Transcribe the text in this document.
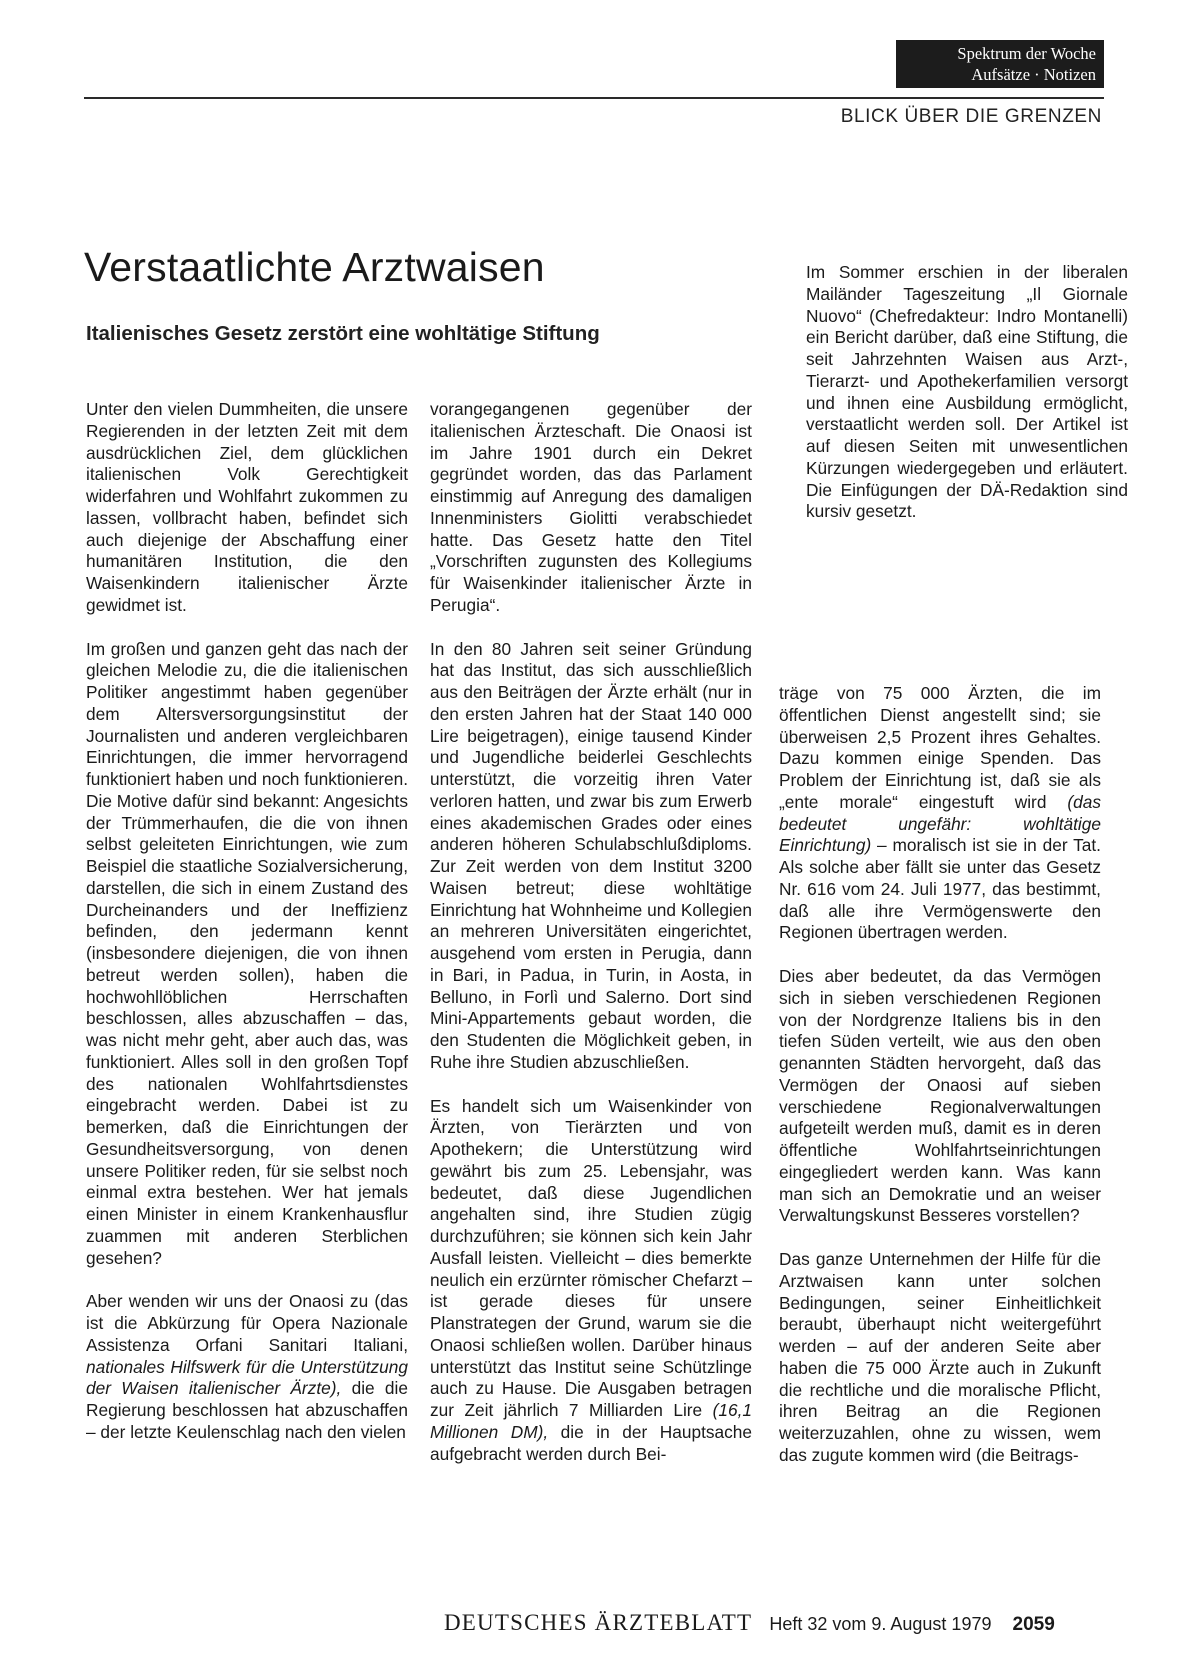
Spektrum der Woche
Aufsätze · Notizen
BLICK ÜBER DIE GRENZEN
Verstaatlichte Arztwaisen
Italienisches Gesetz zerstört eine wohltätige Stiftung

Unter den vielen Dummheiten, die unsere Regierenden in der letzten Zeit mit dem ausdrücklichen Ziel, dem glücklichen italienischen Volk Gerechtigkeit widerfahren und Wohlfahrt zukommen zu lassen, vollbracht haben, befindet sich auch diejenige der Abschaffung einer humanitären Institution, die den Waisenkindern italienischer Ärzte gewidmet ist.

Im großen und ganzen geht das nach der gleichen Melodie zu, die die italienischen Politiker angestimmt haben gegenüber dem Altersversorgungsinstitut der Journalisten und anderen vergleichbaren Einrichtungen, die immer hervorragend funktioniert haben und noch funktionieren. Die Motive dafür sind bekannt: Angesichts der Trümmerhaufen, die die von ihnen selbst geleiteten Einrichtungen, wie zum Beispiel die staatliche Sozialversicherung, darstellen, die sich in einem Zustand des Durcheinanders und der Ineffizienz befinden, den jedermann kennt (insbesondere diejenigen, die von ihnen betreut werden sollen), haben die hochwohllöblichen Herrschaften beschlossen, alles abzuschaffen – das, was nicht mehr geht, aber auch das, was funktioniert. Alles soll in den großen Topf des nationalen Wohlfahrtsdienstes eingebracht werden. Dabei ist zu bemerken, daß die Einrichtungen der Gesundheitsversorgung, von denen unsere Politiker reden, für sie selbst noch einmal extra bestehen. Wer hat jemals einen Minister in einem Krankenhausflur zuammen mit anderen Sterblichen gesehen?

Aber wenden wir uns der Onaosi zu (das ist die Abkürzung für Opera Nazionale Assistenza Orfani Sanitari Italiani, nationales Hilfswerk für die Unterstützung der Waisen italienischer Ärzte), die die Regierung beschlossen hat abzuschaffen – der letzte Keulenschlag nach den vielen

vorangegangenen gegenüber der italienischen Ärzteschaft. Die Onaosi ist im Jahre 1901 durch ein Dekret gegründet worden, das das Parlament einstimmig auf Anregung des damaligen Innenministers Giolitti verabschiedet hatte. Das Gesetz hatte den Titel „Vorschriften zugunsten des Kollegiums für Waisenkinder italienischer Ärzte in Perugia“.

In den 80 Jahren seit seiner Gründung hat das Institut, das sich ausschließlich aus den Beiträgen der Ärzte erhält (nur in den ersten Jahren hat der Staat 140 000 Lire beigetragen), einige tausend Kinder und Jugendliche beiderlei Geschlechts unterstützt, die vorzeitig ihren Vater verloren hatten, und zwar bis zum Erwerb eines akademischen Grades oder eines anderen höheren Schulabschlußdiploms. Zur Zeit werden von dem Institut 3200 Waisen betreut; diese wohltätige Einrichtung hat Wohnheime und Kollegien an mehreren Universitäten eingerichtet, ausgehend vom ersten in Perugia, dann in Bari, in Padua, in Turin, in Aosta, in Belluno, in Forlì und Salerno. Dort sind Mini-Appartements gebaut worden, die den Studenten die Möglichkeit geben, in Ruhe ihre Studien abzuschließen.

Es handelt sich um Waisenkinder von Ärzten, von Tierärzten und von Apothekern; die Unterstützung wird gewährt bis zum 25. Lebensjahr, was bedeutet, daß diese Jugendlichen angehalten sind, ihre Studien zügig durchzuführen; sie können sich kein Jahr Ausfall leisten. Vielleicht – dies bemerkte neulich ein erzürnter römischer Chefarzt – ist gerade dieses für unsere Planstrategen der Grund, warum sie die Onaosi schließen wollen. Darüber hinaus unterstützt das Institut seine Schützlinge auch zu Hause. Die Ausgaben betragen zur Zeit jährlich 7 Milliarden Lire (16,1 Millionen DM), die in der Hauptsache aufgebracht werden durch Bei-

Im Sommer erschien in der liberalen Mailänder Tageszeitung „Il Giornale Nuovo“ (Chefredakteur: Indro Montanelli) ein Bericht darüber, daß eine Stiftung, die seit Jahrzehnten Waisen aus Arzt-, Tierarzt- und Apothekerfamilien versorgt und ihnen eine Ausbildung ermöglicht, verstaatlicht werden soll. Der Artikel ist auf diesen Seiten mit unwesentlichen Kürzungen wiedergegeben und erläutert. Die Einfügungen der DÄ-Redaktion sind kursiv gesetzt.

träge von 75 000 Ärzten, die im öffentlichen Dienst angestellt sind; sie überweisen 2,5 Prozent ihres Gehaltes. Dazu kommen einige Spenden. Das Problem der Einrichtung ist, daß sie als „ente morale“ eingestuft wird (das bedeutet ungefähr: wohltätige Einrichtung) – moralisch ist sie in der Tat. Als solche aber fällt sie unter das Gesetz Nr. 616 vom 24. Juli 1977, das bestimmt, daß alle ihre Vermögenswerte den Regionen übertragen werden.

Dies aber bedeutet, da das Vermögen sich in sieben verschiedenen Regionen von der Nordgrenze Italiens bis in den tiefen Süden verteilt, wie aus den oben genannten Städten hervorgeht, daß das Vermögen der Onaosi auf sieben verschiedene Regionalverwaltungen aufgeteilt werden muß, damit es in deren öffentliche Wohlfahrtseinrichtungen eingegliedert werden kann. Was kann man sich an Demokratie und an weiser Verwaltungskunst Besseres vorstellen?

Das ganze Unternehmen der Hilfe für die Arztwaisen kann unter solchen Bedingungen, seiner Einheitlichkeit beraubt, überhaupt nicht weitergeführt werden – auf der anderen Seite aber haben die 75 000 Ärzte auch in Zukunft die rechtliche und die moralische Pflicht, ihren Beitrag an die Regionen weiterzuzahlen, ohne zu wissen, wem das zugute kommen wird (die Beitrags-

DEUTSCHES ÄRZTEBLATT Heft 32 vom 9. August 1979 2059
